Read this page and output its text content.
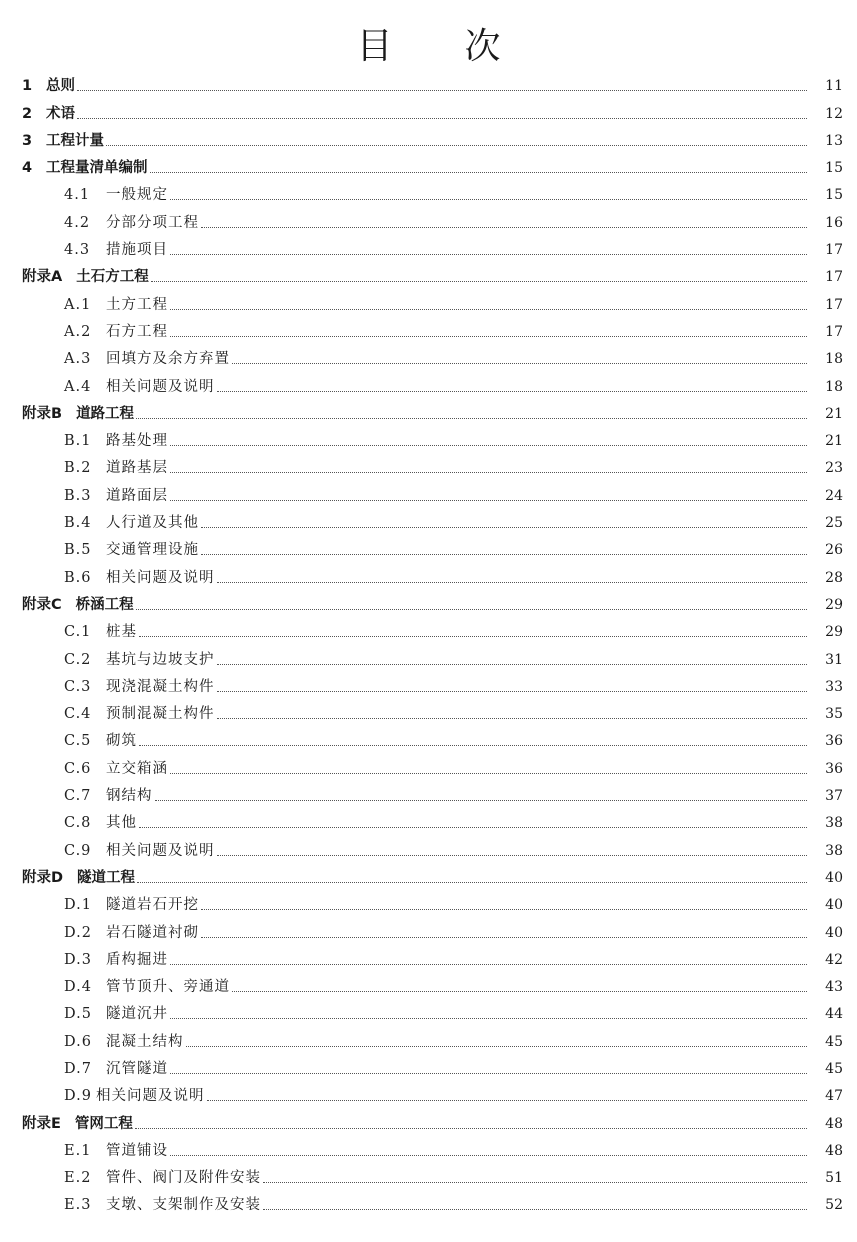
目　　次
1 总则	11
2 术语	12
3 工程计量	13
4 工程量清单编制	15
4.1	一般规定	15
4.2	分部分项工程	16
4.3	措施项目	17
附录A 土石方工程	17
A.1	土方工程	17
A.2	石方工程	17
A.3	回填方及余方弃置	18
A.4	相关问题及说明	18
附录B 道路工程	21
B.1	路基处理	21
B.2	道路基层	23
B.3	道路面层	24
B.4	人行道及其他	25
B.5	交通管理设施	26
B.6	相关问题及说明	28
附录C 桥涵工程	29
C.1	桩基	29
C.2	基坑与边坡支护	31
C.3	现浇混凝土构件	33
C.4	预制混凝土构件	35
C.5	砌筑	36
C.6	立交箱涵	36
C.7	钢结构	37
C.8	其他	38
C.9	相关问题及说明	38
附录D 隧道工程	40
D.1 隧道岩石开挖	40
D.2 岩石隧道衬砌	40
D.3 盾构掘进	42
D.4 管节顶升、旁通道	43
D.5 隧道沉井	44
D.6 混凝土结构	45
D.7 沉管隧道	45
D.9 相关问题及说明	47
附录E 管网工程	48
E.1	管道铺设	48
E.2	管件、阀门及附件安装	51
E.3	支墩、支架制作及安装	52
